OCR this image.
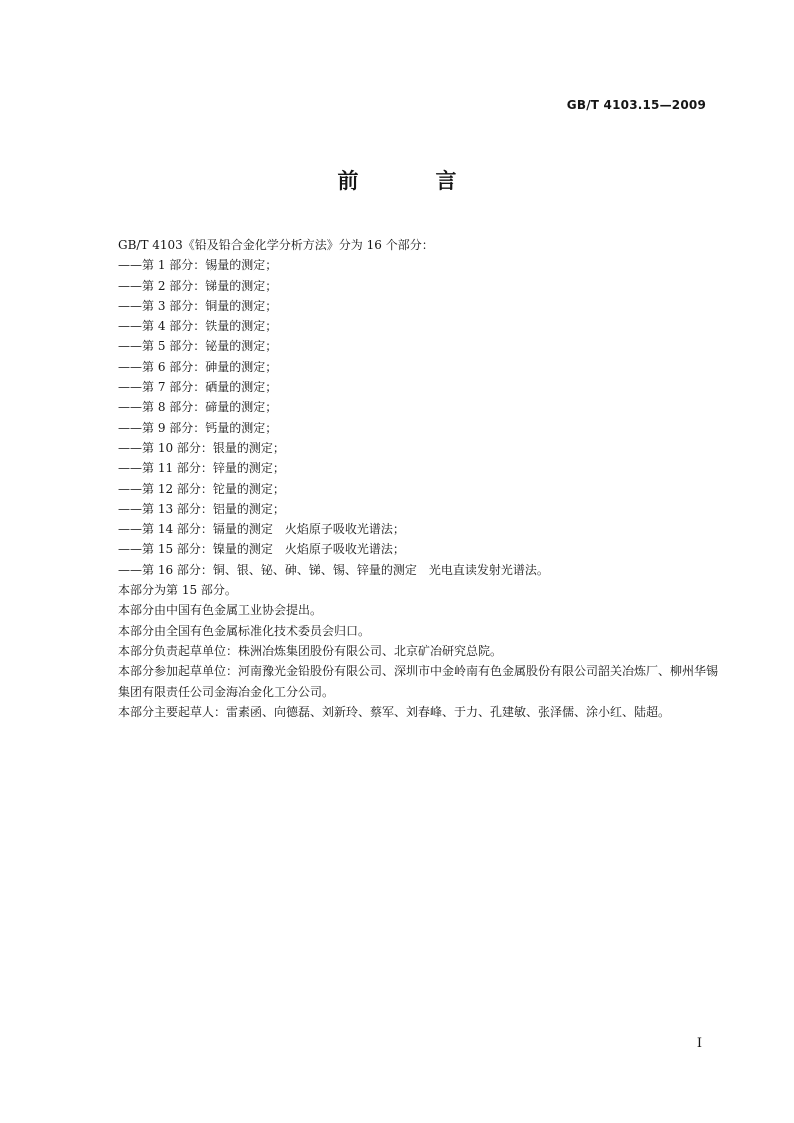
GB/T 4103.15—2009
前　言
GB/T 4103《铅及铅合金化学分析方法》分为 16 个部分：
——第 1 部分：锡量的测定；
——第 2 部分：锑量的测定；
——第 3 部分：铜量的测定；
——第 4 部分：铁量的测定；
——第 5 部分：铋量的测定；
——第 6 部分：砷量的测定；
——第 7 部分：硒量的测定；
——第 8 部分：碲量的测定；
——第 9 部分：钙量的测定；
——第 10 部分：银量的测定；
——第 11 部分：锌量的测定；
——第 12 部分：铊量的测定；
——第 13 部分：铝量的测定；
——第 14 部分：镉量的测定　火焰原子吸收光谱法；
——第 15 部分：镍量的测定　火焰原子吸收光谱法；
——第 16 部分：铜、银、铋、砷、锑、锡、锌量的测定　光电直读发射光谱法。

本部分为第 15 部分。

本部分由中国有色金属工业协会提出。

本部分由全国有色金属标准化技术委员会归口。

本部分负责起草单位：株洲冶炼集团股份有限公司、北京矿冶研究总院。

本部分参加起草单位：河南豫光金铅股份有限公司、深圳市中金岭南有色金属股份有限公司韶关冶炼厂、柳州华锡集团有限责任公司金海冶金化工分公司。

本部分主要起草人：雷素函、向德磊、刘新玲、蔡军、刘春峰、于力、孔建敏、张泽儒、涂小红、陆超。

I
